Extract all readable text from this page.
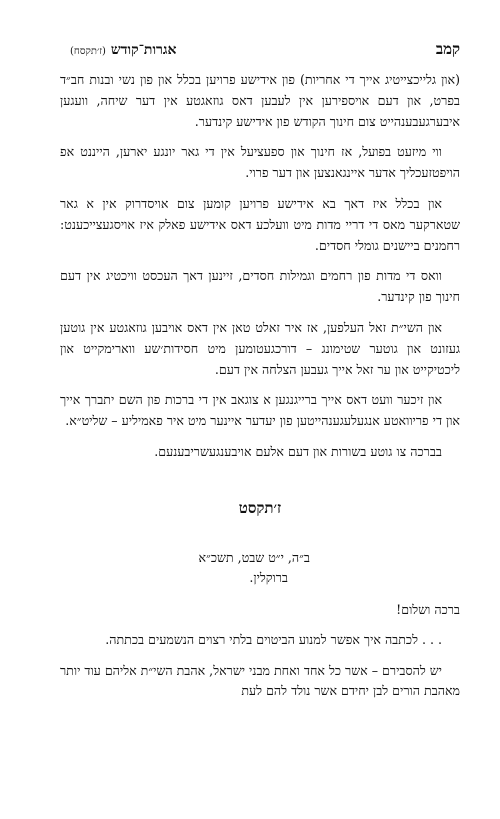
קמב
אגרות־קודש (ז׳תקסח)

(און גלייכצייטיג אייך די אחריות) פון אידישע פרויען בכלל און פון נשי ובנות חב״ד בפרט, און דעם אויספירען אין לעבען דאס גוזאגטע אין דער שיחה, וועגען איבערגעבענהייט צום חינוך הקודש פון אידישע קינדער.

ווי מיזעט בפועל, אז חינוך און ספעציעל אין די גאר יונגע יארען, הייננט אפ הויפטזעכליך אדער איינגאנצען און דער פרוי.

און בכלל איז דאך בא אידישע פרויען קומען צום אויסדרוק אין א גאר שטארקער מאס די דריי מדות מיט וועלכע דאס אידישע פאלק איז אויסגעצייכענט: רחמנים ביישנים גומלי חסדים.

וואס די מדות פון רחמים וגמילות חסדים, זיינען דאך העכסט וויכטיג אין דעם חינוך פון קינדער.

און השי״ת זאל העלפען, אז איר זאלט טאן אין דאס אויבען גוזאגטע אין גוטען געזונט און גוטער שטימונג – דורכגעטומען מיט חסידות׳שע ווארימקייט און ליכטיקייט און ער זאל אייך געבען הצלחה אין דעם.

און זיכער וועט דאס אייך ברייגנגען א צוגאב אין די ברכות פון השם יתברך אייך און די פריוואטע אנגעלעגענהייטען פון יעדער איינער מיט איר פאמיליע – שליט״א.

בברכה צו גוטע בשורות און דעם אלעם אויבענגעשריבענעם.

ז׳תקסט
ב״ה, י״ט שבט, תשכ״א
ברוקלין.
ברכה ושלום!

. . . לכתבה איך אפשר למנוע הביטוים בלתי רצוים הנשמעים בכתתה.

יש להסבירם – אשר כל אחד ואחת מבני ישראל, אהבת השי״ת אליהם עוד יותר מאהבת הורים לבן יחידם אשר נולד להם לעת
